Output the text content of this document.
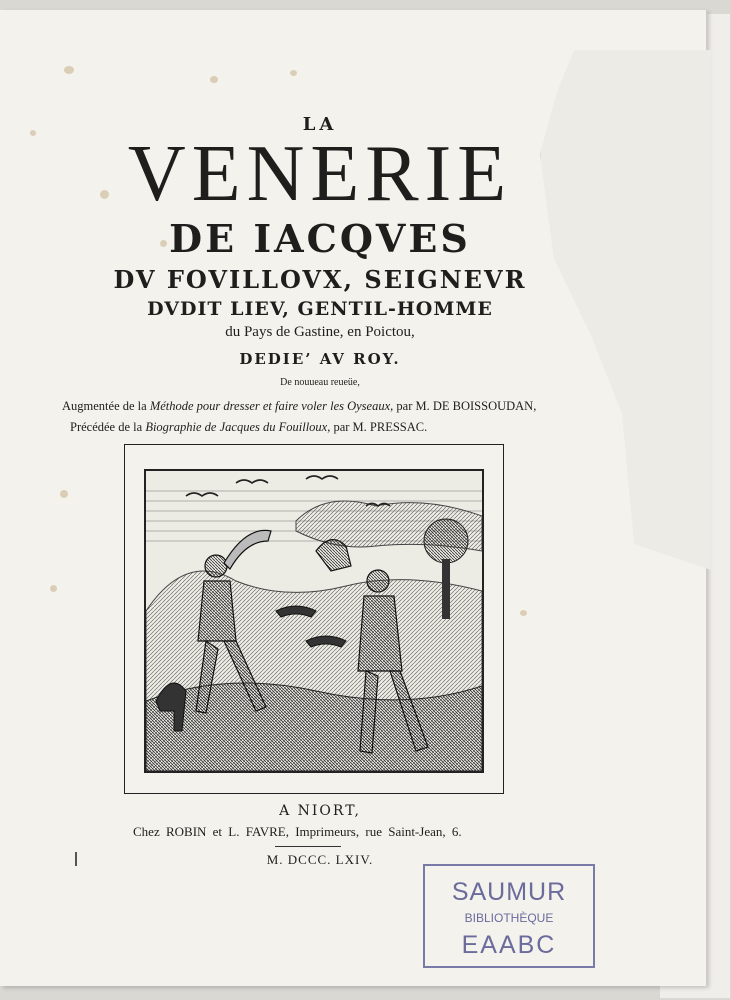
LA
VENERIE
DE IACQVES
DV FOVILLOVX, SEIGNEVR
DVDIT LIEV, GENTIL-HOMME
du Pays de Gastine, en Poictou,
DEDIE’ AV ROY.
De nouueau reueüe,
Augmentée de la Méthode pour dresser et faire voler les Oyseaux, par M. DE BOISSOUDAN,
Précédée de la Biographie de Jacques du Fouilloux, par M. PRESSAC.
A NIORT,
Chez ROBIN et L. FAVRE, Imprimeurs, rue Saint-Jean, 6.
M. DCCC. LXIV.
SAUMUR
BIBLIOTHÈQUE
EAABC
